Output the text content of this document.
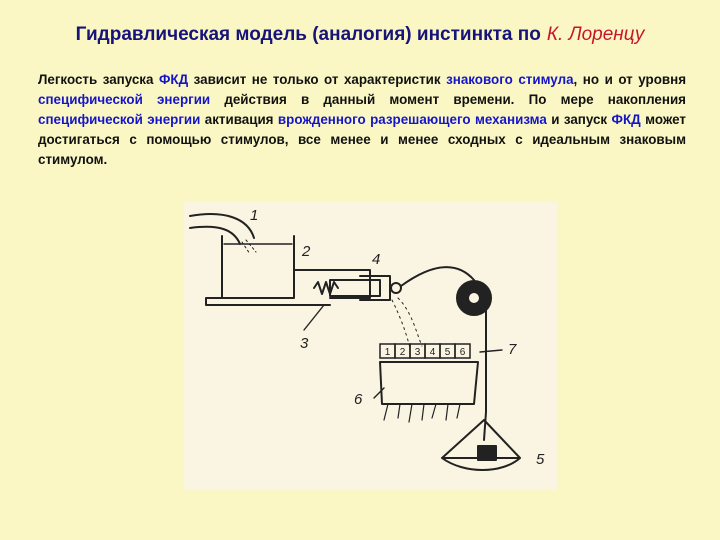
Гидравлическая модель (аналогия) инстинкта по К. Лоренцу
Легкость запуска ФКД зависит не только от характеристик знакового стимула, но и от уровня специфической энергии действия в данный момент времени. По мере накопления специфической энергии активация врожденного разрешающего механизма и запуск ФКД может достигаться с помощью стимулов, все менее и менее сходных с идеальным знаковым стимулом.
1 2 3 4 5 6
1
2
3
4
5
6
7
